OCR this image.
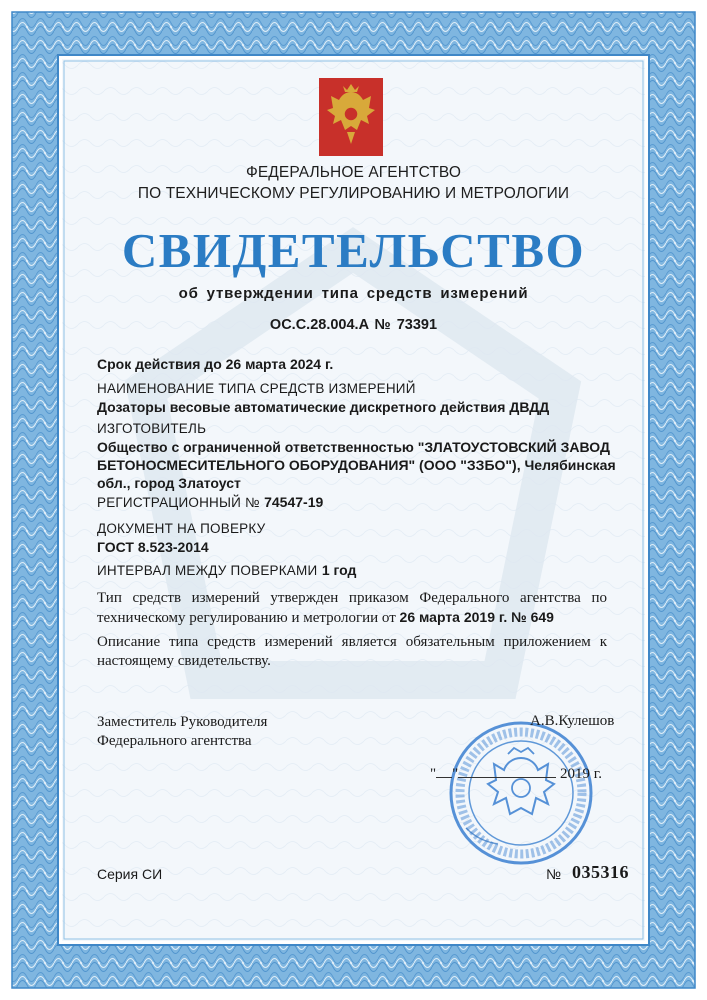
ФЕДЕРАЛЬНОЕ АГЕНТСТВО
ПО ТЕХНИЧЕСКОМУ РЕГУЛИРОВАНИЮ И МЕТРОЛОГИИ
СВИДЕТЕЛЬСТВО
об утверждении типа средств измерений
OC.C.28.004.A № 73391
Срок действия до 26 марта 2024 г.
НАИМЕНОВАНИЕ ТИПА СРЕДСТВ ИЗМЕРЕНИЙ
Дозаторы весовые автоматические дискретного действия ДВДД
ИЗГОТОВИТЕЛЬ
Общество с ограниченной ответственностью "ЗЛАТОУСТОВСКИЙ ЗАВОД
БЕТОНОСМЕСИТЕЛЬНОГО ОБОРУДОВАНИЯ" (ООО "ЗЗБО"), Челябинская
обл., город Златоуст
РЕГИСТРАЦИОННЫЙ № 74547-19
ДОКУМЕНТ НА ПОВЕРКУ
ГОСТ 8.523-2014
ИНТЕРВАЛ МЕЖДУ ПОВЕРКАМИ 1 год
Тип средств измерений утвержден приказом Федерального агентства по техническому регулированию и метрологии от 26 марта 2019 г. № 649
Описание типа средств измерений является обязательным приложением к настоящему свидетельству.
Заместитель Руководителя
Федерального агентства
А.В.Кулешов
" "	2019 г.
Серия СИ	№ 035316
